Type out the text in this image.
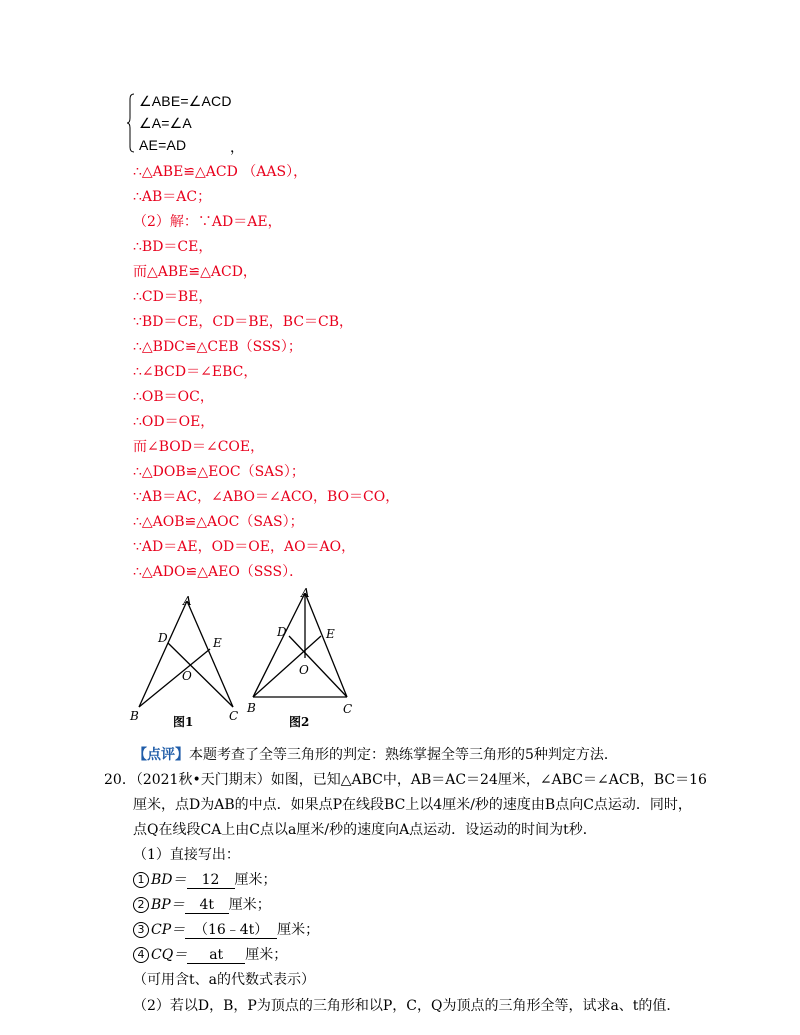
∠ABE=∠ACD
∠A=∠A
AE=AD	，
∴△ABE≌△ACD （AAS），
∴AB＝AC；
（2）解：∵AD＝AE，
∴BD＝CE，
而△ABE≌△ACD，
∴CD＝BE，
∵BD＝CE，CD＝BE，BC＝CB，
∴△BDC≌△CEB（SSS）；
∴∠BCD＝∠EBC，
∴OB＝OC，
∴OD＝OE，
而∠BOD＝∠COE，
∴△DOB≌△EOC（SAS）；
∵AB＝AC，∠ABO＝∠ACO，BO＝CO，
∴△AOB≌△AOC（SAS）；
∵AD＝AE，OD＝OE，AO＝AO，
∴△ADO≌△AEO（SSS）．
A
D	E
O
B	C
图1
A
D	E
O
B	C
图2
【点评】本题考查了全等三角形的判定：熟练掌握全等三角形的5种判定方法．
20．（2021秋•天门期末）如图，已知△ABC中，AB＝AC＝24厘米，∠ABC＝∠ACB，BC＝16
厘米，点D为AB的中点．如果点P在线段BC上以4厘米/秒的速度由B点向C点运动．同时，
点Q在线段CA上由C点以a厘米/秒的速度向A点运动．设运动的时间为t秒．
（1）直接写出：
1 BD＝ 12 厘米；
2 BP＝ 4t 厘米；
3 CP＝ （16﹣4t） 厘米；
4 CQ＝ at 厘米；
（可用含t、a的代数式表示）
（2）若以D，B，P为顶点的三角形和以P，C，Q为顶点的三角形全等，试求a、t的值．
